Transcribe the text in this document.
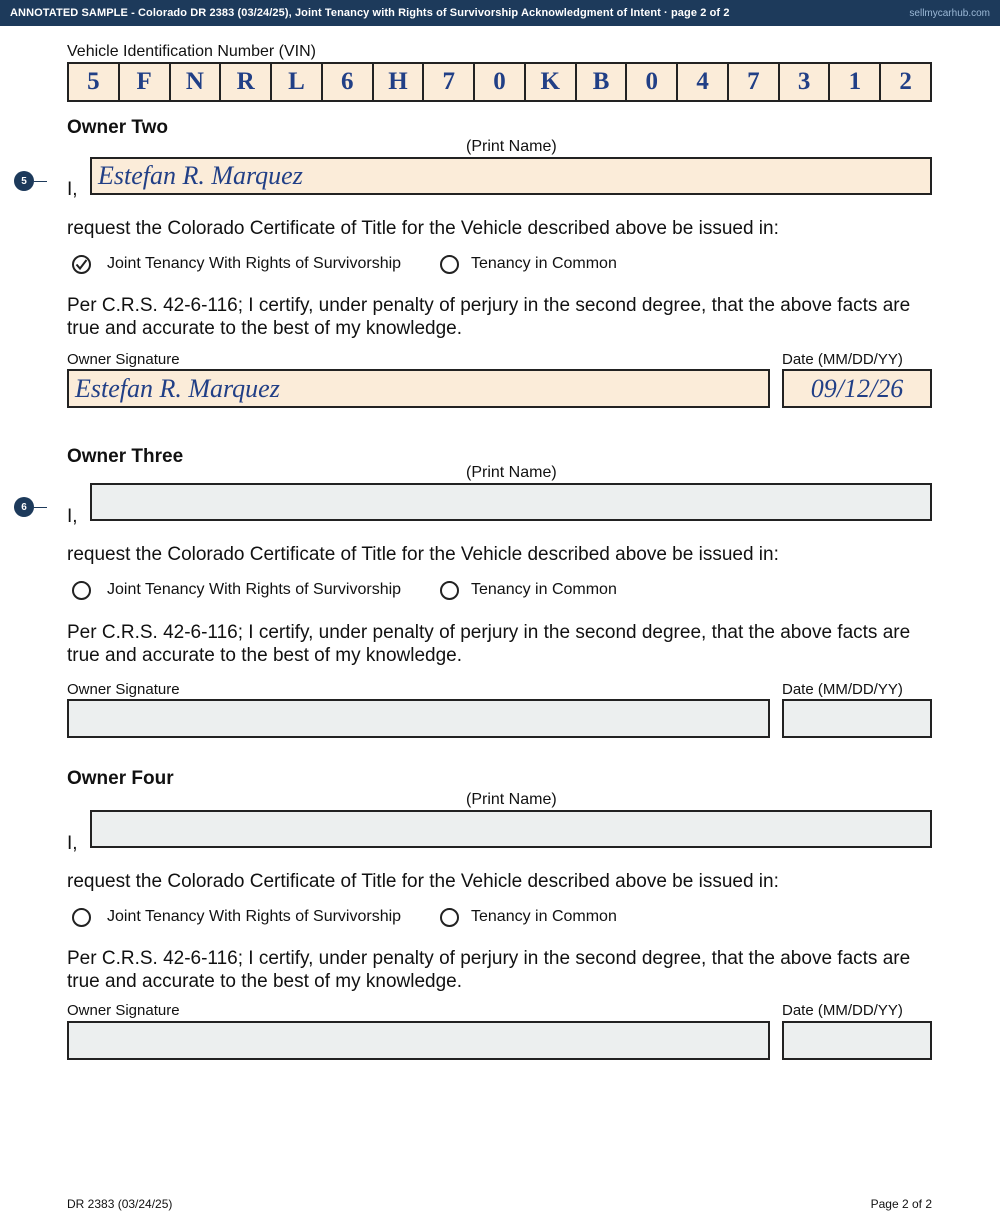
ANNOTATED SAMPLE - Colorado DR 2383 (03/24/25), Joint Tenancy with Rights of Survivorship Acknowledgment of Intent · page 2 of 2	sellmycarhub.com
Vehicle Identification Number (VIN)
5	F	N	R	L	6	H	7	0	K	B	0	4	7	3	1	2
Owner Two
(Print Name)
5	I, Estefan R. Marquez
request the Colorado Certificate of Title for the Vehicle described above be issued in:
Joint Tenancy With Rights of Survivorship	Tenancy in Common
Per C.R.S. 42-6-116; I certify, under penalty of perjury in the second degree, that the above facts are true and accurate to the best of my knowledge.
Owner Signature	Date (MM/DD/YY)
Estefan R. Marquez	09/12/26
Owner Three
(Print Name)
6	I,
request the Colorado Certificate of Title for the Vehicle described above be issued in:
Joint Tenancy With Rights of Survivorship	Tenancy in Common
Per C.R.S. 42-6-116; I certify, under penalty of perjury in the second degree, that the above facts are true and accurate to the best of my knowledge.
Owner Signature	Date (MM/DD/YY)
Owner Four
(Print Name)
I,
request the Colorado Certificate of Title for the Vehicle described above be issued in:
Joint Tenancy With Rights of Survivorship	Tenancy in Common
Per C.R.S. 42-6-116; I certify, under penalty of perjury in the second degree, that the above facts are true and accurate to the best of my knowledge.
Owner Signature	Date (MM/DD/YY)
DR 2383 (03/24/25)	Page 2 of 2
